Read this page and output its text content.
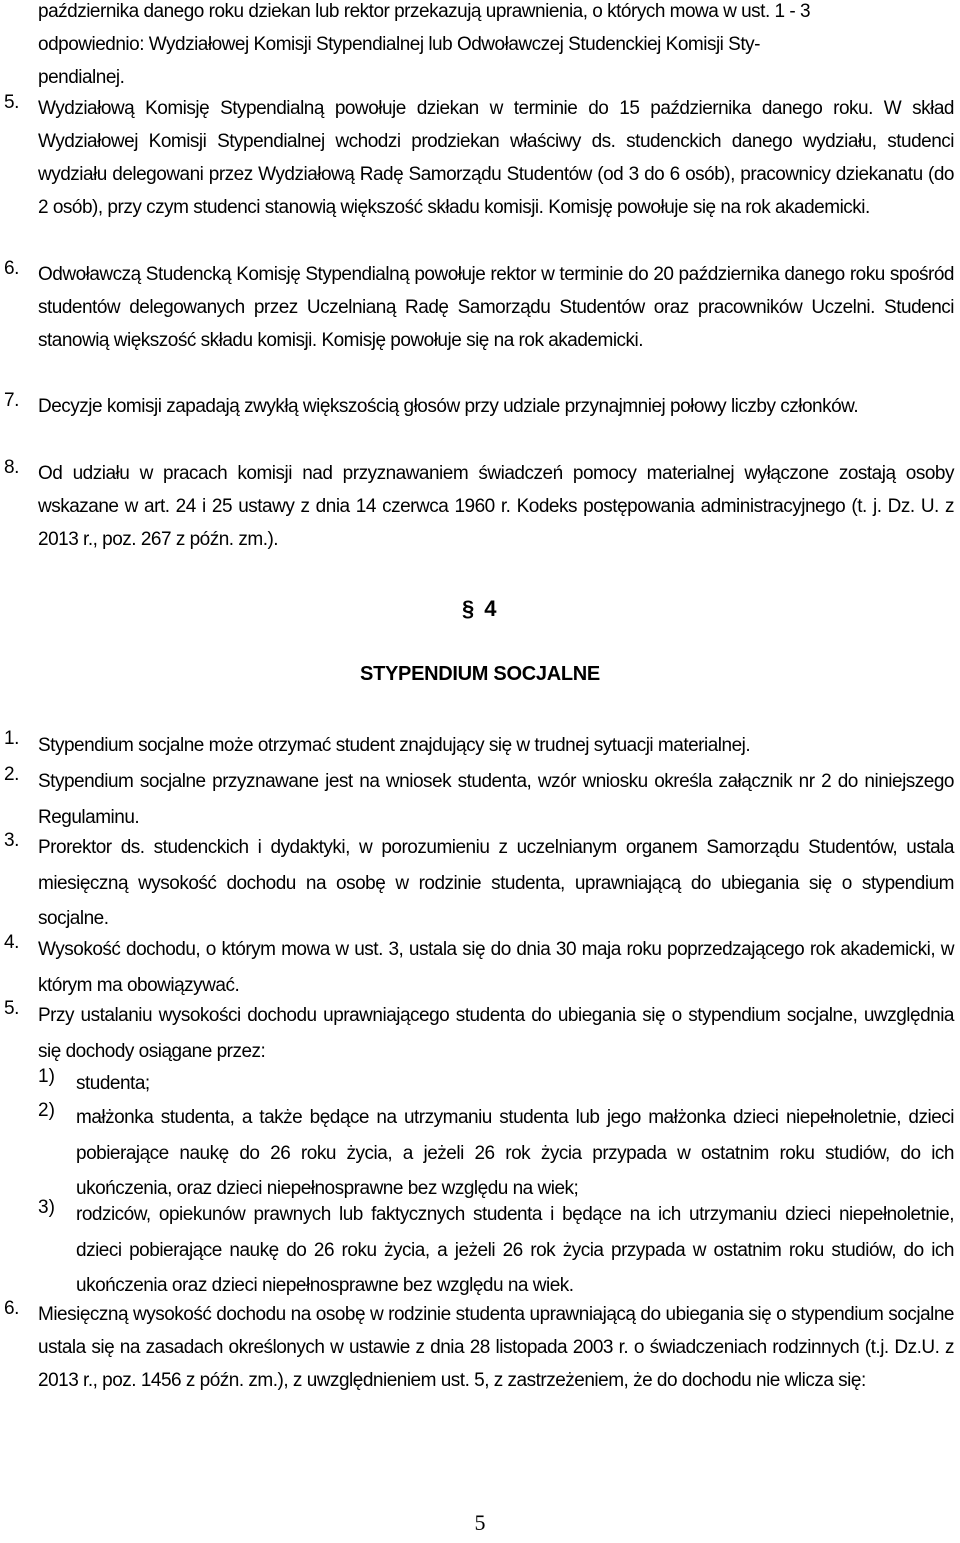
października danego roku dziekan lub rektor przekazują uprawnienia, o których mowa w ust. 1 - 3
odpowiednio: Wydziałowej Komisji Stypendialnej lub Odwoławczej Studenckiej Komisji Sty-
pendialnej.
5. Wydziałową Komisję Stypendialną powołuje dziekan w terminie do 15 października danego roku. W skład Wydziałowej Komisji Stypendialnej wchodzi prodziekan właściwy ds. studenckich danego wydziału, studenci wydziału delegowani przez Wydziałową Radę Samorządu Studentów (od 3 do 6 osób), pracownicy dziekanatu (do 2 osób), przy czym studenci stanowią większość składu komisji. Komisję powołuje się na rok akademicki.
6. Odwoławczą Studencką Komisję Stypendialną powołuje rektor w terminie do 20 października danego roku spośród studentów delegowanych przez Uczelnianą Radę Samorządu Studentów oraz pracowników Uczelni. Studenci stanowią większość składu komisji. Komisję powołuje się na rok akademicki.
7. Decyzje komisji zapadają zwykłą większością głosów przy udziale przynajmniej połowy liczby członków.
8. Od udziału w pracach komisji nad przyznawaniem świadczeń pomocy materialnej wyłączone zostają osoby wskazane w art. 24 i 25 ustawy z dnia 14 czerwca 1960 r. Kodeks postępowania administracyjnego (t. j. Dz. U. z 2013 r., poz. 267 z późn. zm.).
§ 4
STYPENDIUM SOCJALNE
1. Stypendium socjalne może otrzymać student znajdujący się w trudnej sytuacji materialnej.
2. Stypendium socjalne przyznawane jest na wniosek studenta, wzór wniosku określa załącznik nr 2 do niniejszego Regulaminu.
3. Prorektor ds. studenckich i dydaktyki, w porozumieniu z uczelnianym organem Samorządu Studentów, ustala miesięczną wysokość dochodu na osobę w rodzinie studenta, uprawniającą do ubiegania się o stypendium socjalne.
4. Wysokość dochodu, o którym mowa w ust. 3, ustala się do dnia 30 maja roku poprzedzającego rok akademicki, w którym ma obowiązywać.
5. Przy ustalaniu wysokości dochodu uprawniającego studenta do ubiegania się o stypendium socjalne, uwzględnia się dochody osiągane przez:
1) studenta;
2) małżonka studenta, a także będące na utrzymaniu studenta lub jego małżonka dzieci niepełnoletnie, dzieci pobierające naukę do 26 roku życia, a jeżeli 26 rok życia przypada w ostatnim roku studiów, do ich ukończenia, oraz dzieci niepełnosprawne bez względu na wiek;
3) rodziców, opiekunów prawnych lub faktycznych studenta i będące na ich utrzymaniu dzieci niepełnoletnie, dzieci pobierające naukę do 26 roku życia, a jeżeli 26 rok życia przypada w ostatnim roku studiów, do ich ukończenia oraz dzieci niepełnosprawne bez względu na wiek.
6. Miesięczną wysokość dochodu na osobę w rodzinie studenta uprawniającą do ubiegania się o stypendium socjalne ustala się na zasadach określonych w ustawie z dnia 28 listopada 2003 r. o świadczeniach rodzinnych (t.j. Dz.U. z 2013 r., poz. 1456 z późn. zm.), z uwzględnieniem ust. 5, z zastrzeżeniem, że do dochodu nie wlicza się:
5
